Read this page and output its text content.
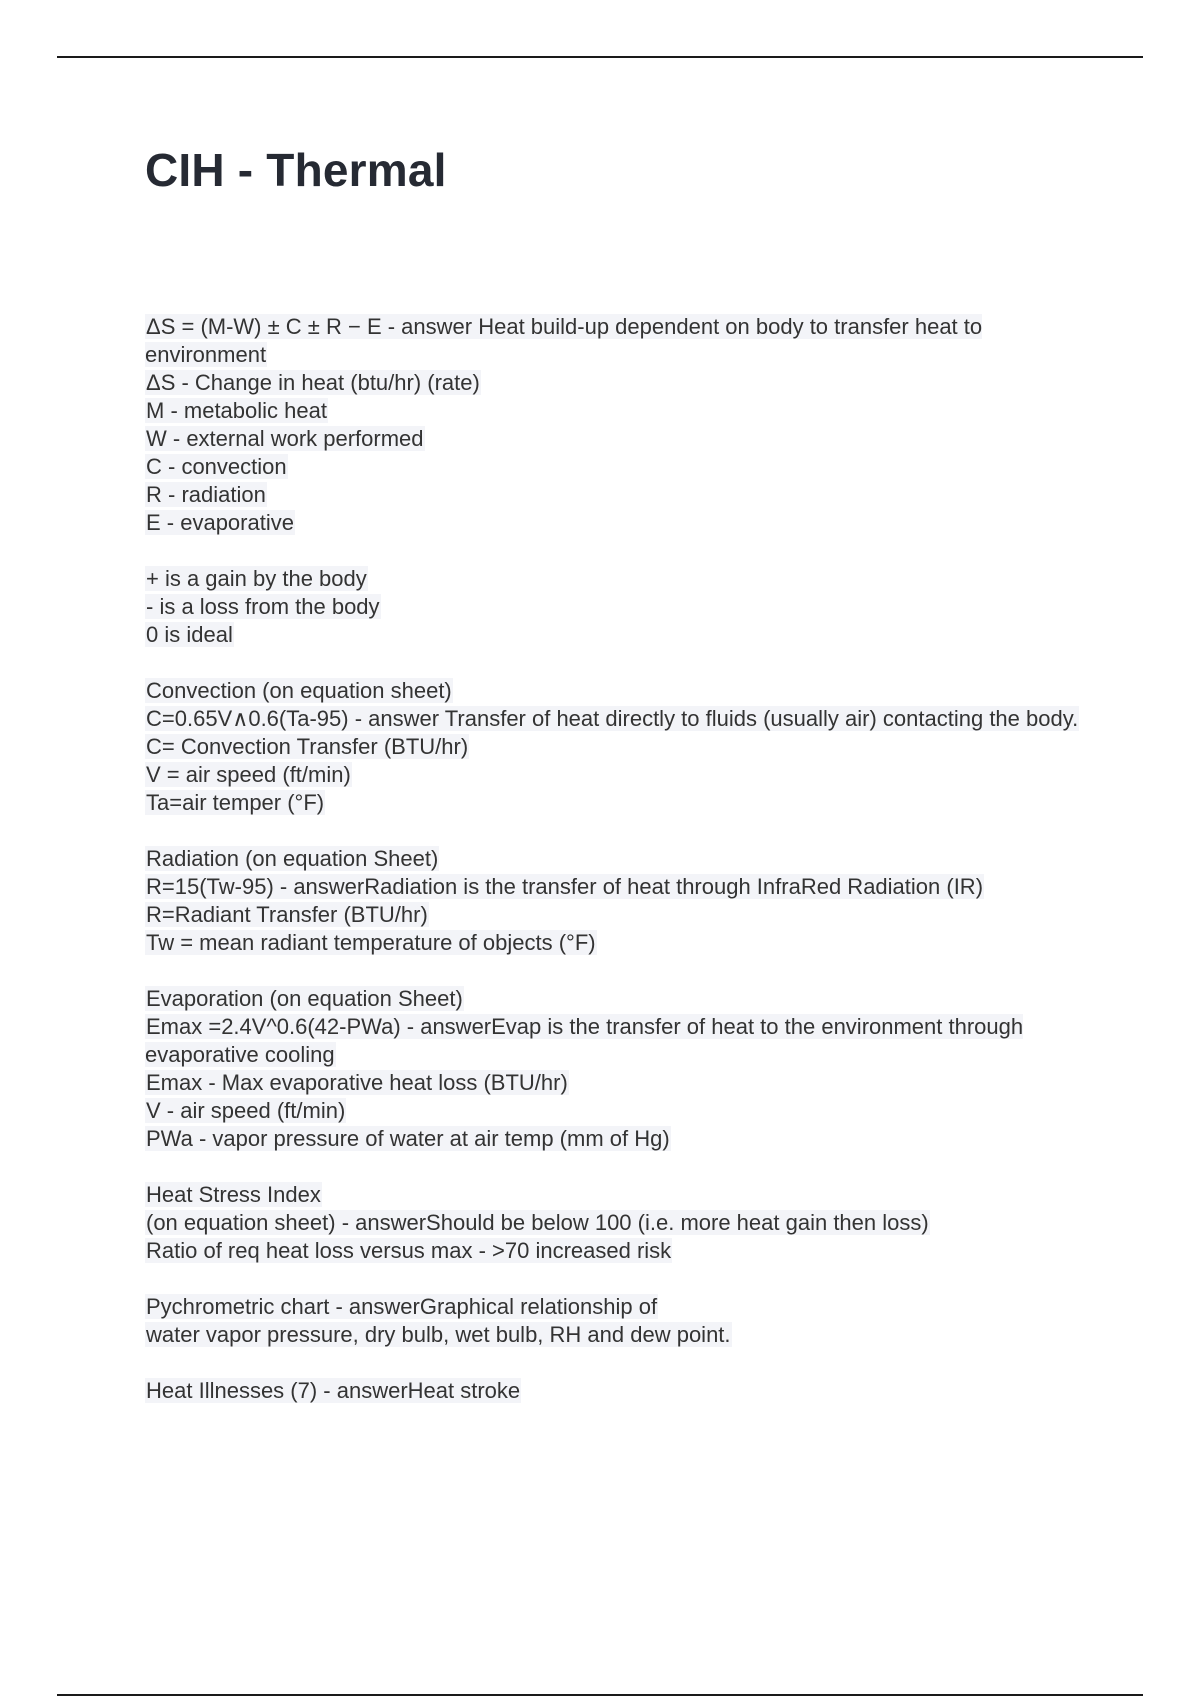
CIH - Thermal
ΔS = (M-W) ± C ± R − E - answer Heat build-up dependent on body to transfer heat to environment
ΔS - Change in heat (btu/hr) (rate)
M - metabolic heat
W - external work performed
C - convection
R - radiation
E - evaporative
+ is a gain by the body
- is a loss from the body
0 is ideal
Convection (on equation sheet)
C=0.65V∧0.6(Ta-95) - answer Transfer of heat directly to fluids (usually air) contacting the body.
C= Convection Transfer (BTU/hr)
V = air speed (ft/min)
Ta=air temper (°F)
Radiation (on equation Sheet)
R=15(Tw-95) - answerRadiation is the transfer of heat through InfraRed Radiation (IR)
R=Radiant Transfer (BTU/hr)
Tw = mean radiant temperature of objects (°F)
Evaporation (on equation Sheet)
Emax =2.4V^0.6(42-PWa) - answerEvap is the transfer of heat to the environment through evaporative cooling
Emax - Max evaporative heat loss (BTU/hr)
V - air speed (ft/min)
PWa - vapor pressure of water at air temp (mm of Hg)
Heat Stress Index
(on equation sheet) - answerShould be below 100 (i.e. more heat gain then loss)
Ratio of req heat loss versus max - >70 increased risk
Pychrometric chart - answerGraphical relationship of
water vapor pressure, dry bulb, wet bulb, RH and dew point.
Heat Illnesses (7) - answerHeat stroke
